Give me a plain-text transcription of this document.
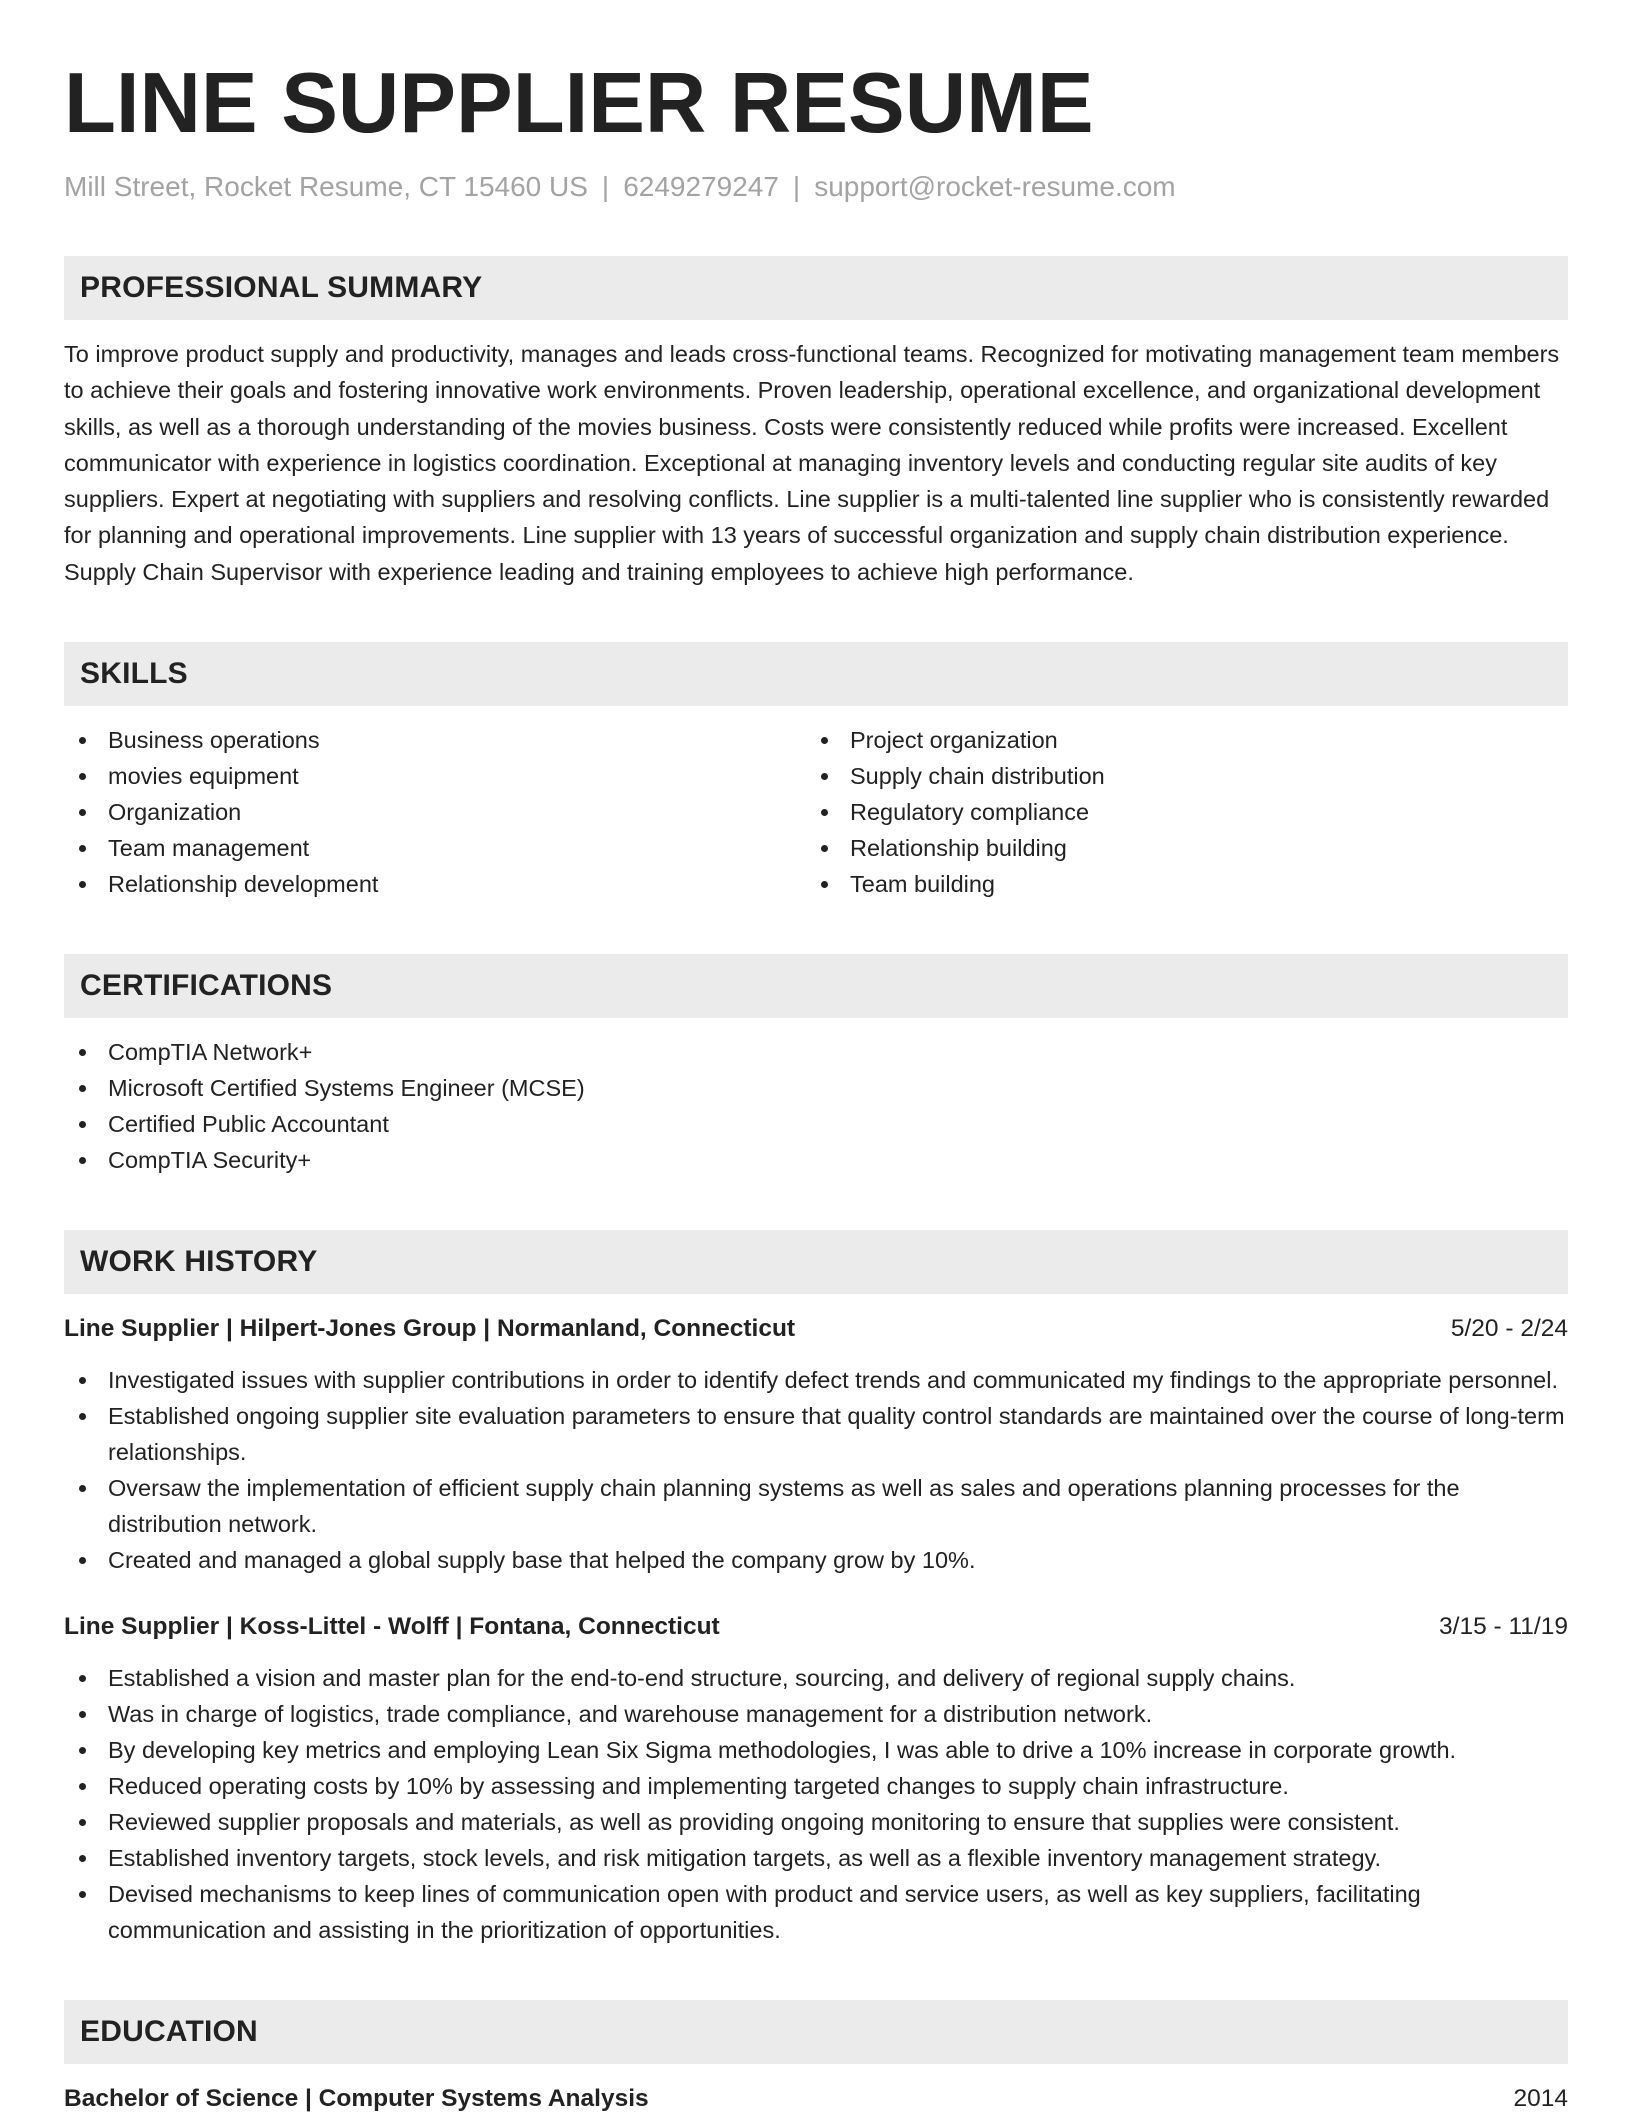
LINE SUPPLIER RESUME
Mill Street, Rocket Resume, CT 15460 US | 6249279247 | support@rocket-resume.com
PROFESSIONAL SUMMARY

To improve product supply and productivity, manages and leads cross-functional teams. Recognized for motivating management team members to achieve their goals and fostering innovative work environments. Proven leadership, operational excellence, and organizational development skills, as well as a thorough understanding of the movies business. Costs were consistently reduced while profits were increased. Excellent communicator with experience in logistics coordination. Exceptional at managing inventory levels and conducting regular site audits of key suppliers. Expert at negotiating with suppliers and resolving conflicts. Line supplier is a multi-talented line supplier who is consistently rewarded for planning and operational improvements. Line supplier with 13 years of successful organization and supply chain distribution experience. Supply Chain Supervisor with experience leading and training employees to achieve high performance.

SKILLS
Business operations
movies equipment
Organization
Team management
Relationship development
Project organization
Supply chain distribution
Regulatory compliance
Relationship building
Team building
CERTIFICATIONS
CompTIA Network+
Microsoft Certified Systems Engineer (MCSE)
Certified Public Accountant
CompTIA Security+
WORK HISTORY
Line Supplier | Hilpert-Jones Group | Normanland, Connecticut	5/20 - 2/24
Investigated issues with supplier contributions in order to identify defect trends and communicated my findings to the appropriate personnel.
Established ongoing supplier site evaluation parameters to ensure that quality control standards are maintained over the course of long-term relationships.
Oversaw the implementation of efficient supply chain planning systems as well as sales and operations planning processes for the distribution network.
Created and managed a global supply base that helped the company grow by 10%.
Line Supplier | Koss-Littel - Wolff | Fontana, Connecticut	3/15 - 11/19
Established a vision and master plan for the end-to-end structure, sourcing, and delivery of regional supply chains.
Was in charge of logistics, trade compliance, and warehouse management for a distribution network.
By developing key metrics and employing Lean Six Sigma methodologies, I was able to drive a 10% increase in corporate growth.
Reduced operating costs by 10% by assessing and implementing targeted changes to supply chain infrastructure.
Reviewed supplier proposals and materials, as well as providing ongoing monitoring to ensure that supplies were consistent.
Established inventory targets, stock levels, and risk mitigation targets, as well as a flexible inventory management strategy.
Devised mechanisms to keep lines of communication open with product and service users, as well as key suppliers, facilitating communication and assisting in the prioritization of opportunities.
EDUCATION
Bachelor of Science | Computer Systems Analysis	2014
